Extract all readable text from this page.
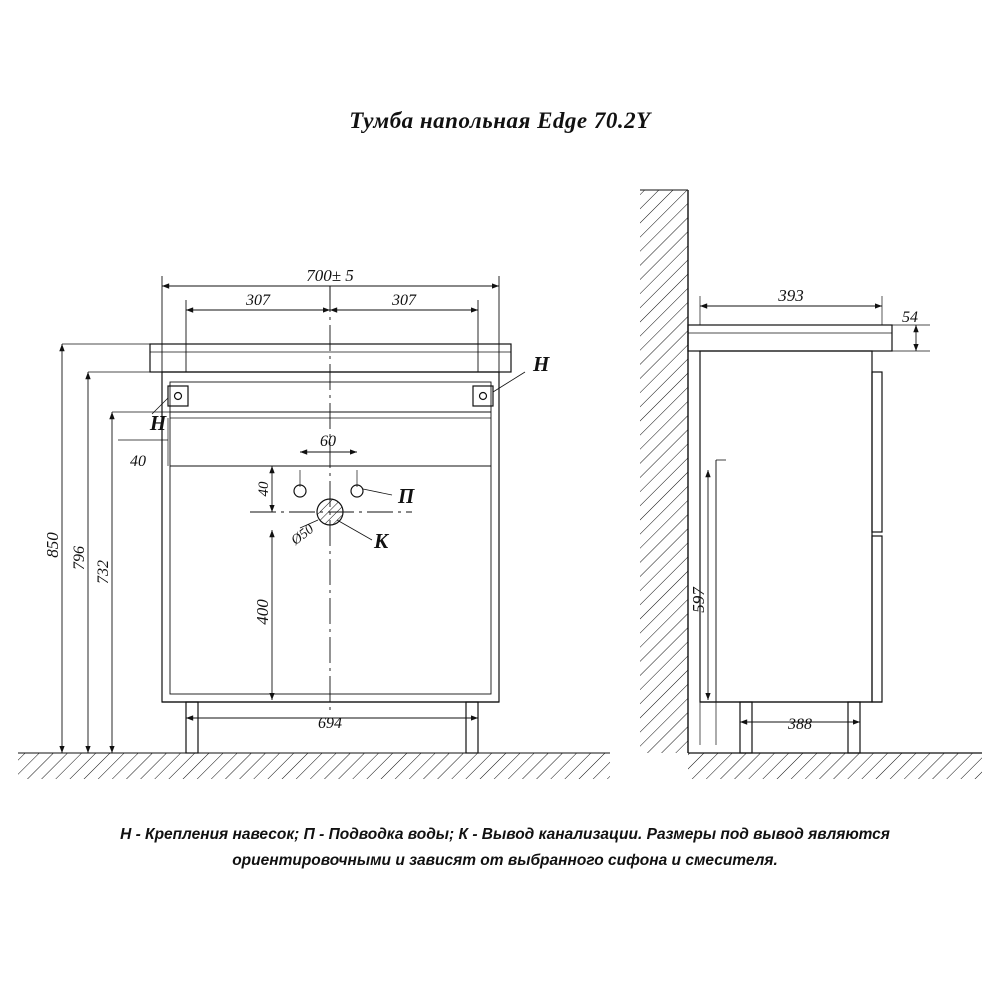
Тумба напольная Edge 70.2Y
700± 5
307	307
850
796
732
40
60
40
400
Ø50
694
Н
Н
П
К
393
54
597
388
Н - Крепления навесок; П - Подводка воды; К - Вывод канализации. Размеры под вывод являются ориентировочными и зависят от выбранного сифона и смесителя.
